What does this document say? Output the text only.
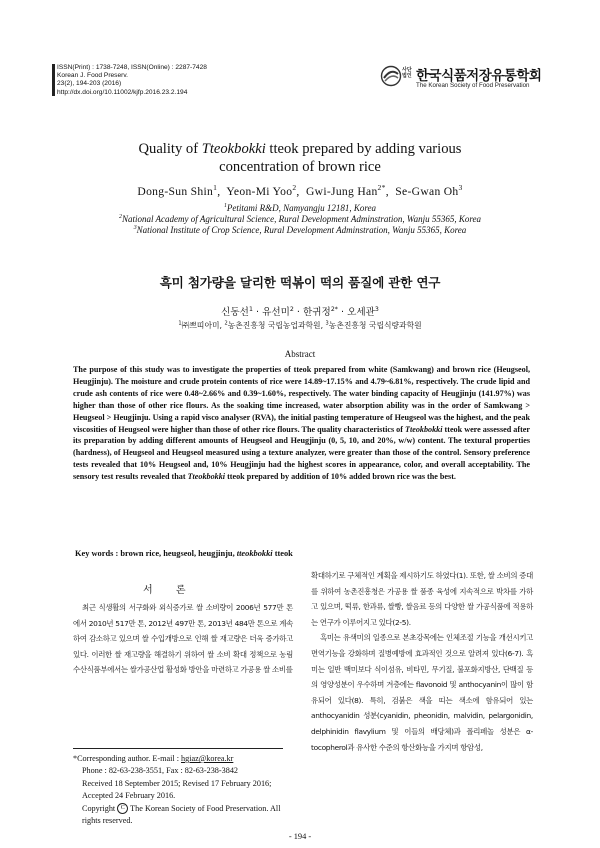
ISSN(Print) : 1738-7248, ISSN(Online) : 2287-7428
Korean J. Food Preserv.
23(2), 194-203 (2016)
http://dx.doi.org/10.11002/kjfp.2016.23.2.194
사단 법인 한국식품저장유통학회
The Korean Society of Food Preservation
Quality of Tteokbokki tteok prepared by adding various
concentration of brown rice
Dong-Sun Shin$^1$,  Yeon-Mi Yoo$^2$,  Gwi-Jung Han$^{2*}$,  Se-Gwan Oh$^3$
$^1$Petitami R&D, Namyangju 12181, Korea
$^2$National Academy of Agricultural Science, Rural Development Adminstration, Wanju 55365, Korea
$^3$National Institute of Crop Science, Rural Development Adminstration, Wanju 55365, Korea
흑미 첨가량을 달리한 떡볶이 떡의 품질에 관한 연구
신동선$^1$ · 유선미$^2$ · 한귀정$^{2*}$ · 오세관$^3$
$^1$㈜쁘띠아미, $^2$농촌진흥청 국립농업과학원, $^3$농촌진흥청 국립식량과학원
Abstract
The purpose of this study was to investigate the properties of tteok prepared from white (Samkwang) and brown rice (Heugseol, Heugjinju). The moisture and crude protein contents of rice were 14.89~17.15% and 4.79~6.81%, respectively. The crude lipid and crude ash contents of rice were 0.48~2.66% and 0.39~1.60%, respectively. The water binding capacity of Heugjinju (141.97%) was higher than those of other rice flours. As the soaking time increased, water absorption ability was in the order of Samkwang > Heugseol > Heugjinju. Using a rapid visco analyser (RVA), the initial pasting temperature of Heugseol was the highest, and the peak viscosities of Heugseol were higher than those of other rice flours. The quality characteristics of Tteokbokki tteok were assessed after its preparation by adding different amounts of Heugseol and Heugjinju (0, 5, 10, and 20%, w/w) content. The textural properties (hardness), of Heugseol and Heugseol measured using a texture analyzer, were greater than those of the control. Sensory preference tests revealed that 10% Heugseol and, 10% Heugjinju had the highest scores in appearance, color, and overall acceptability. The sensory test results revealed that Tteokbokki tteok prepared by addition of 10% added brown rice was the best.
Key words : brown rice, heugseol, heugjinju, tteokbokki tteok
서 론

최근 식생활의 서구화와 외식증가로 쌀 소비량이 2006년 577만 톤에서 2010년 517만 톤, 2012년 497만 톤, 2013년 484만 톤으로 계속하여 감소하고 있으며 쌀 수입개방으로 인해 쌀 재고량은 더욱 증가하고 있다. 이러한 쌀 재고량을 해결하기 위하여 쌀 소비 확대 정책으로 농림수산식품부에서는 쌀가공산업 활성화 방안을 마련하고 가공용 쌀 소비를

확대하기로 구체적인 계획을 제시하기도 하였다(1). 또한, 쌀 소비의 증대를 위하여 농촌진흥청은 가공용 쌀 품종 육성에 지속적으로 박차를 가하고 있으며, 떡류, 한과류, 쌀빵, 쌀음료 등의 다양한 쌀 가공식품에 적용하는 연구가 이루어지고 있다(2-5).

흑미는 유색미의 일종으로 본초강목에는 인체조절 기능을 개선시키고 면역기능을 강화하며 질병예방에 효과적인 것으로 알려져 있다(6-7). 흑미는 일반 백미보다 식이섬유, 비타민, 무기질, 불포화지방산, 단백질 등의 영양성분이 우수하며 겨층에는 flavonoid 및 anthocyanin이 많이 함유되어 있다(8). 특히, 검붉은 색을 띠는 색소에 함유되어 있는 anthocyanidin 성분(cyanidin, pheonidin, malvidin, pelargonidin, delphinidin flavylium 및 이들의 배당체)과 폴리페놀 성분은 α-tocopherol과 유사한 수준의 항산화능을 가지며 항암성,

*Corresponding author. E-mail : hgiaz@korea.kr
Phone : 82-63-238-3551, Fax : 82-63-238-3842
Received 18 September 2015; Revised 17 February 2016; Accepted 24 February 2016.
Copyright C The Korean Society of Food Preservation. All rights reserved.
- 194 -
